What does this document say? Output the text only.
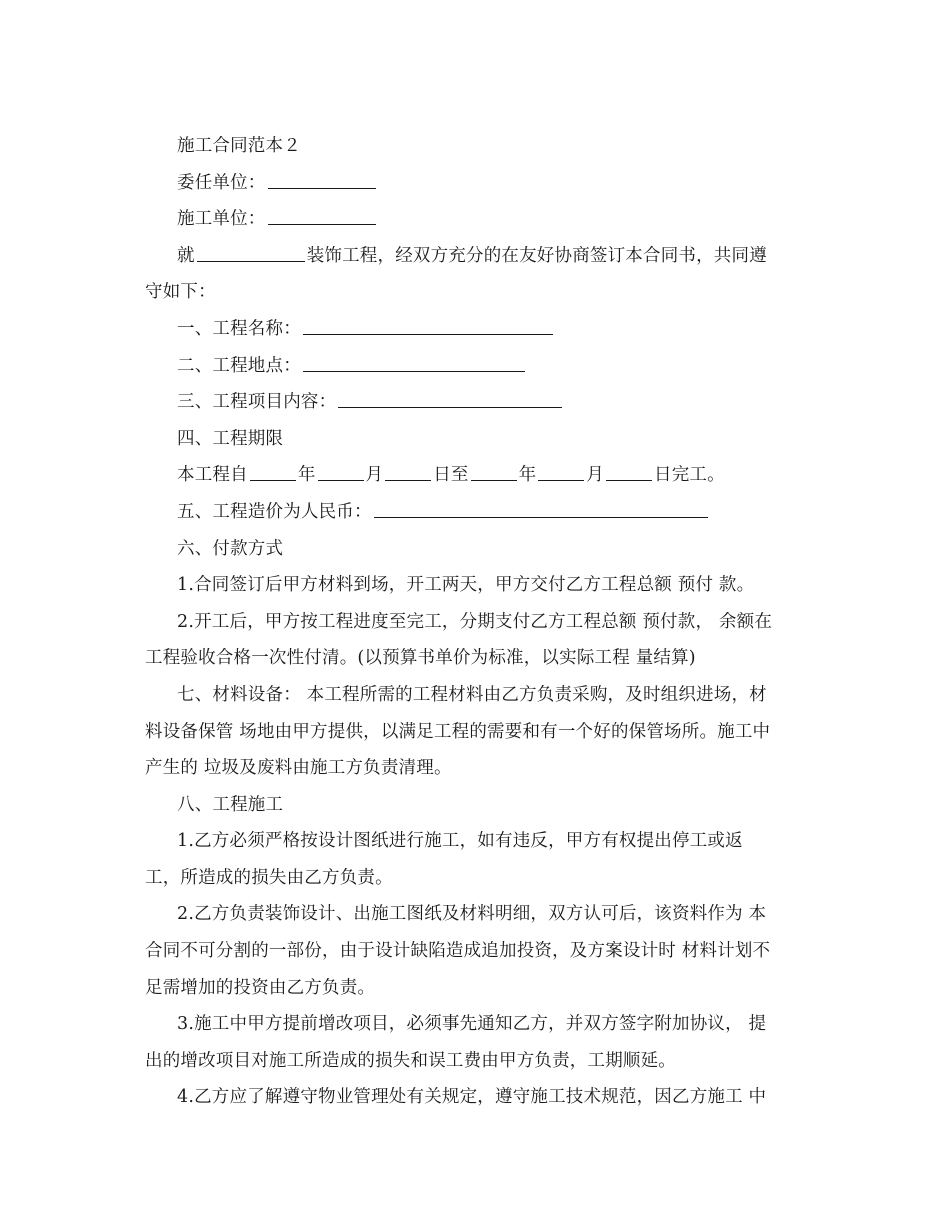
施工合同范本２
委任单位：
施工单位：
就	装饰工程，经双方充分的在友好协商签订本合同书，共同遵
守如下：
一、工程名称：
二、工程地点：
三、工程项目内容：
四、工程期限
本工程自	年	月	日至	年	月	日完工。
五、工程造价为人民币：
六、付款方式
1.合同签订后甲方材料到场，开工两天，甲方交付乙方工程总额 预付 款。
2.开工后，甲方按工程进度至完工，分期支付乙方工程总额 预付款， 余额在
工程验收合格一次性付清。(以预算书单价为标准，以实际工程 量结算)
七、材料设备： 本工程所需的工程材料由乙方负责采购，及时组织进场，材
料设备保管 场地由甲方提供，以满足工程的需要和有一个好的保管场所。施工中
产生的 垃圾及废料由施工方负责清理。
八、工程施工
1.乙方必须严格按设计图纸进行施工，如有违反，甲方有权提出停工或返
工，所造成的损失由乙方负责。
2.乙方负责装饰设计、出施工图纸及材料明细，双方认可后，该资料作为 本
合同不可分割的一部份，由于设计缺陷造成追加投资，及方案设计时 材料计划不
足需增加的投资由乙方负责。
3.施工中甲方提前增改项目，必须事先通知乙方，并双方签字附加协议， 提
出的增改项目对施工所造成的损失和误工费由甲方负责，工期顺延。
4.乙方应了解遵守物业管理处有关规定，遵守施工技术规范，因乙方施工 中
